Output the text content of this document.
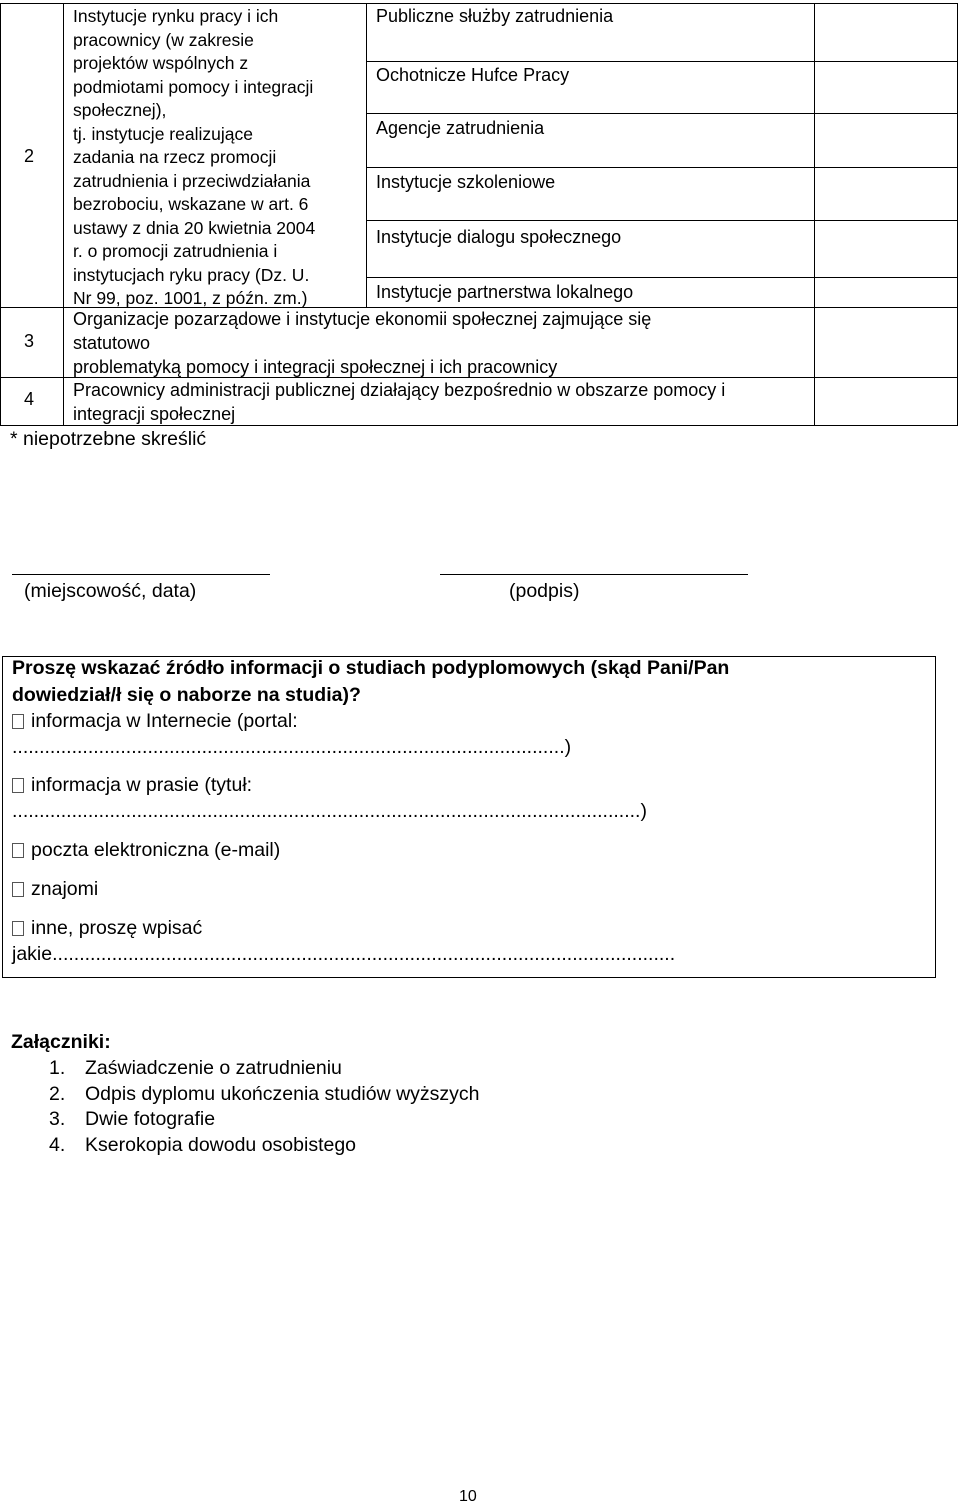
2
Instytucje rynku pracy i ich
pracownicy (w zakresie
projektów wspólnych z
podmiotami pomocy i integracji
społecznej),
tj. instytucje realizujące
zadania na rzecz promocji
zatrudnienia i przeciwdziałania
bezrobociu, wskazane w art. 6
ustawy z dnia 20 kwietnia 2004
r. o promocji zatrudnienia i
instytucjach ryku pracy (Dz. U.
Nr 99, poz. 1001, z późn. zm.)
Publiczne służby zatrudnienia
Ochotnicze Hufce Pracy
Agencje zatrudnienia
Instytucje szkoleniowe
Instytucje dialogu społecznego
Instytucje partnerstwa lokalnego
3
Organizacje pozarządowe i instytucje ekonomii społecznej zajmujące się
statutowo
problematyką pomocy i integracji społecznej i ich pracownicy
4 Pracownicy administracji publicznej działający bezpośrednio w obszarze pomocy i
integracji społecznej
* niepotrzebne skreślić
(miejscowość, data)	(podpis)
Proszę wskazać źródło informacji o studiach podyplomowych (skąd Pani/Pan
dowiedział/ł się o naborze na studia)?
informacja w Internecie (portal:
......................................................................................................)
informacja w prasie (tytuł:
....................................................................................................................)
poczta elektroniczna (e-mail)
znajomi
inne, proszę wpisać
jakie...................................................................................................................
Załączniki:
1. Zaświadczenie o zatrudnieniu
2. Odpis dyplomu ukończenia studiów wyższych
3. Dwie fotografie
4. Kserokopia dowodu osobistego
10
